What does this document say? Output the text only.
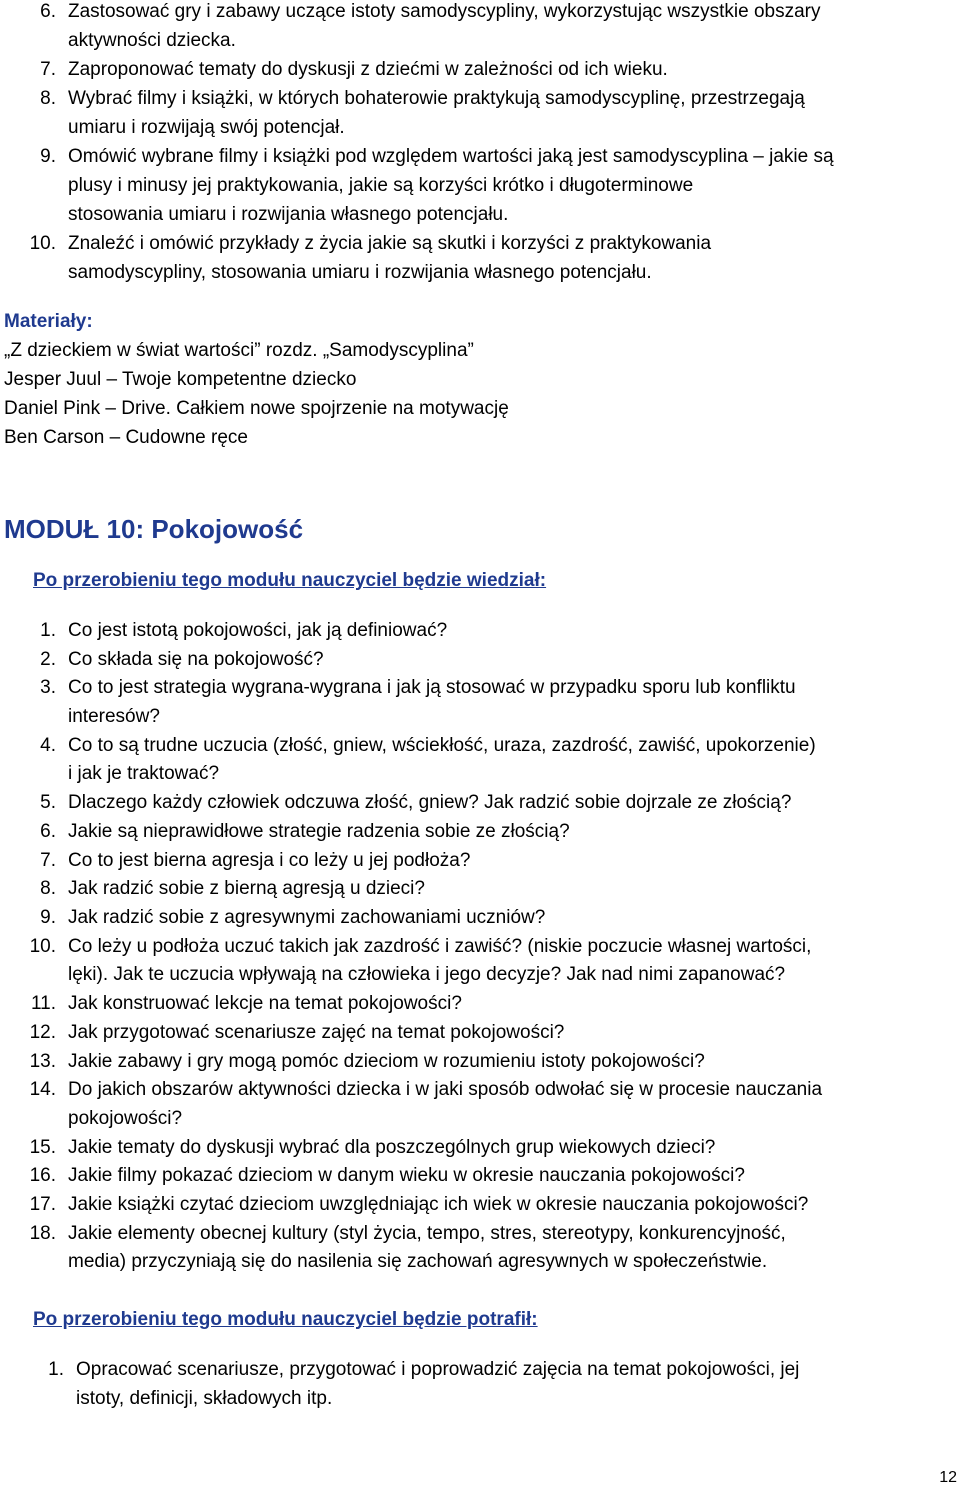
6. Zastosować gry i zabawy uczące istoty samodyscypliny, wykorzystując wszystkie obszary
aktywności dziecka.
7. Zaproponować tematy do dyskusji z dziećmi w zależności od ich wieku.
8. Wybrać filmy i książki, w których bohaterowie praktykują samodyscyplinę, przestrzegają
umiaru i rozwijają swój potencjał.
9. Omówić wybrane filmy i książki pod względem wartości jaką jest samodyscyplina – jakie są
plusy i minusy jej praktykowania, jakie są korzyści krótko i długoterminowe
stosowania umiaru i rozwijania własnego potencjału.
10. Znaleźć i omówić przykłady z życia jakie są skutki i korzyści z praktykowania
samodyscypliny, stosowania umiaru i rozwijania własnego potencjału.
Materiały:
„Z dzieckiem w świat wartości” rozdz. „Samodyscyplina”
Jesper Juul – Twoje kompetentne dziecko
Daniel Pink – Drive. Całkiem nowe spojrzenie na motywację
Ben Carson – Cudowne ręce
MODUŁ 10: Pokojowość
Po przerobieniu tego modułu nauczyciel będzie wiedział:
1. Co jest istotą pokojowości, jak ją definiować?
2. Co składa się na pokojowość?
3. Co to jest strategia wygrana-wygrana i jak ją stosować w przypadku sporu lub konfliktu
interesów?
4. Co to są trudne uczucia (złość, gniew, wściekłość, uraza, zazdrość, zawiść, upokorzenie)
i jak je traktować?
5. Dlaczego każdy człowiek odczuwa złość, gniew? Jak radzić sobie dojrzale ze złością?
6. Jakie są nieprawidłowe strategie radzenia sobie ze złością?
7. Co to jest bierna agresja i co leży u jej podłoża?
8. Jak radzić sobie z bierną agresją u dzieci?
9. Jak radzić sobie z agresywnymi zachowaniami uczniów?
10. Co leży u podłoża uczuć takich jak zazdrość i zawiść? (niskie poczucie własnej wartości,
lęki). Jak te uczucia wpływają na człowieka i jego decyzje? Jak nad nimi zapanować?
11. Jak konstruować lekcje na temat pokojowości?
12. Jak przygotować scenariusze zajęć na temat pokojowości?
13. Jakie zabawy i gry mogą pomóc dzieciom w rozumieniu istoty pokojowości?
14. Do jakich obszarów aktywności dziecka i w jaki sposób odwołać się w procesie nauczania
pokojowości?
15. Jakie tematy do dyskusji wybrać dla poszczególnych grup wiekowych dzieci?
16. Jakie filmy pokazać dzieciom w danym wieku w okresie nauczania pokojowości?
17. Jakie książki czytać dzieciom uwzględniając ich wiek w okresie nauczania pokojowości?
18. Jakie elementy obecnej kultury (styl życia, tempo, stres, stereotypy, konkurencyjność,
media) przyczyniają się do nasilenia się zachowań agresywnych w społeczeństwie.
Po przerobieniu tego modułu nauczyciel będzie potrafił:
1. Opracować scenariusze, przygotować i poprowadzić zajęcia na temat pokojowości, jej
istoty, definicji, składowych itp.
12
